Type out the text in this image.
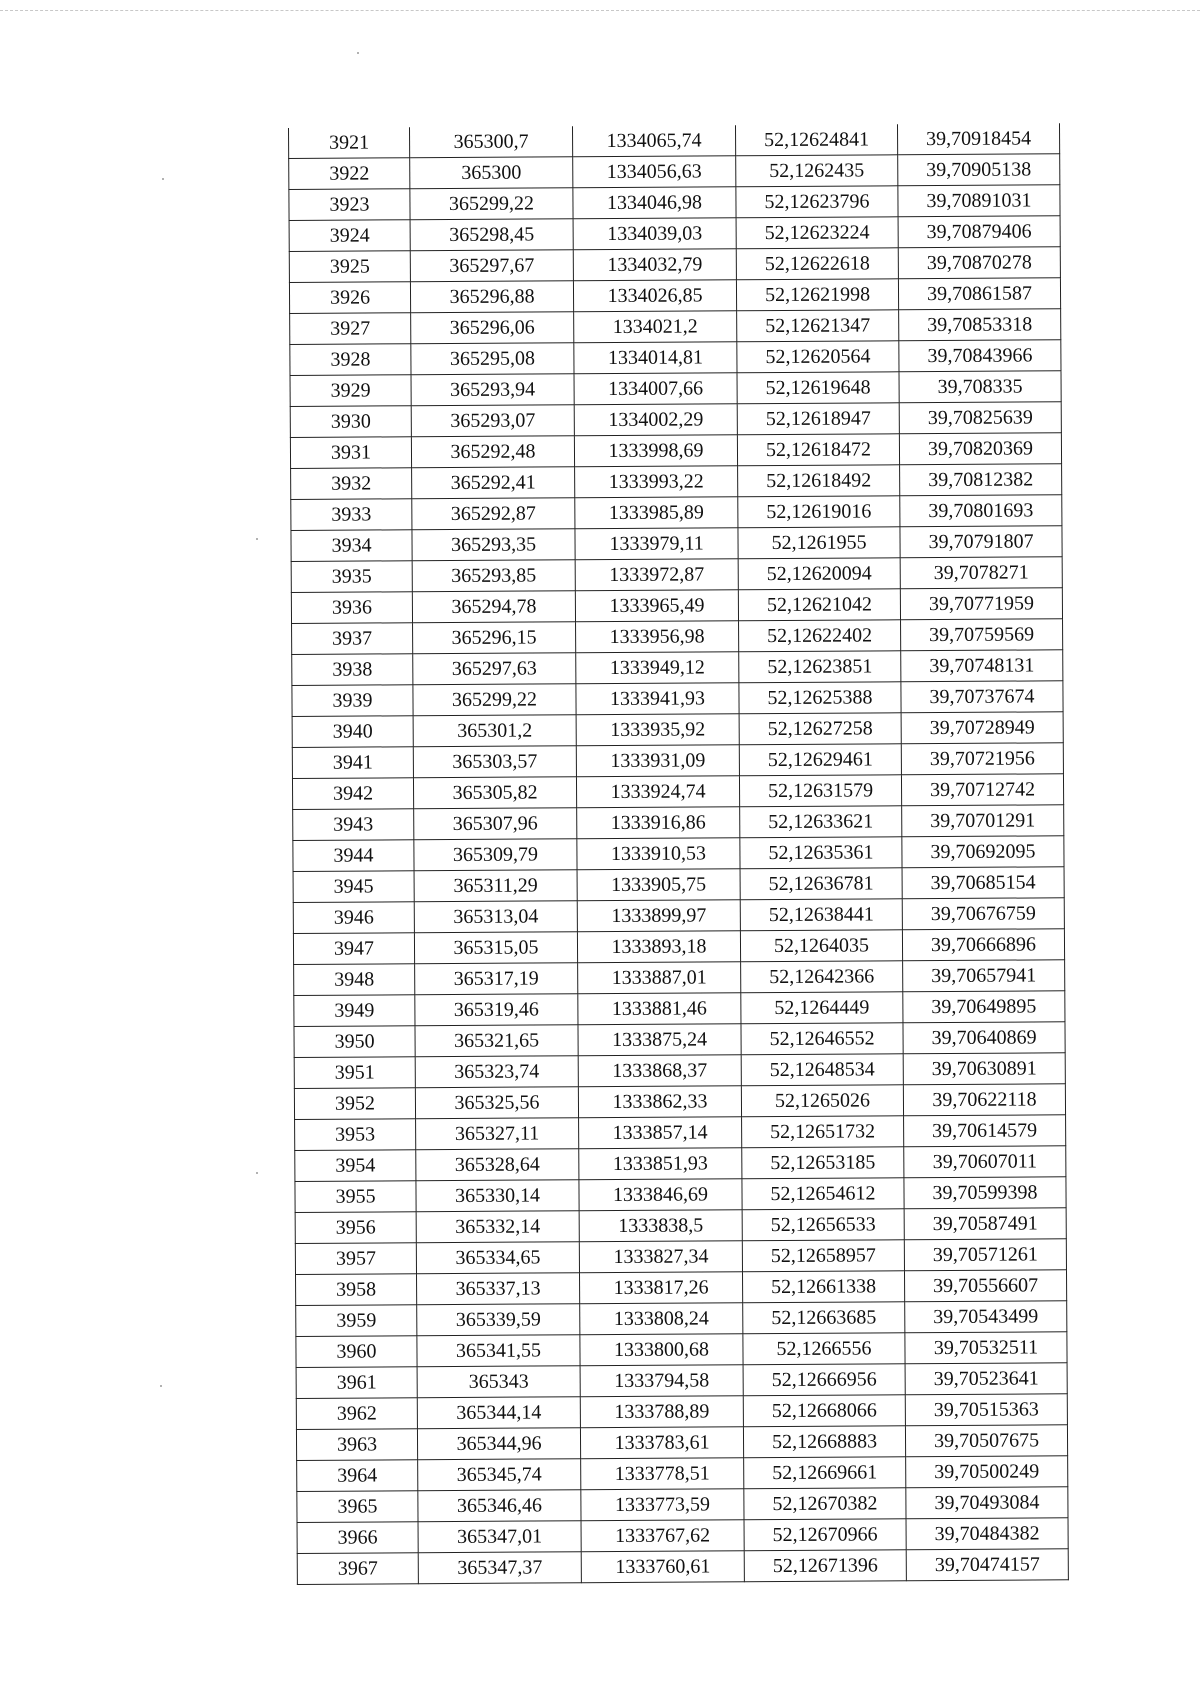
3921	365300,7	1334065,74	52,12624841	39,70918454
3922	365300	1334056,63	52,1262435	39,70905138
3923	365299,22	1334046,98	52,12623796	39,70891031
3924	365298,45	1334039,03	52,12623224	39,70879406
3925	365297,67	1334032,79	52,12622618	39,70870278
3926	365296,88	1334026,85	52,12621998	39,70861587
3927	365296,06	1334021,2	52,12621347	39,70853318
3928	365295,08	1334014,81	52,12620564	39,70843966
3929	365293,94	1334007,66	52,12619648	39,708335
3930	365293,07	1334002,29	52,12618947	39,70825639
3931	365292,48	1333998,69	52,12618472	39,70820369
3932	365292,41	1333993,22	52,12618492	39,70812382
3933	365292,87	1333985,89	52,12619016	39,70801693
3934	365293,35	1333979,11	52,1261955	39,70791807
3935	365293,85	1333972,87	52,12620094	39,7078271
3936	365294,78	1333965,49	52,12621042	39,70771959
3937	365296,15	1333956,98	52,12622402	39,70759569
3938	365297,63	1333949,12	52,12623851	39,70748131
3939	365299,22	1333941,93	52,12625388	39,70737674
3940	365301,2	1333935,92	52,12627258	39,70728949
3941	365303,57	1333931,09	52,12629461	39,70721956
3942	365305,82	1333924,74	52,12631579	39,70712742
3943	365307,96	1333916,86	52,12633621	39,70701291
3944	365309,79	1333910,53	52,12635361	39,70692095
3945	365311,29	1333905,75	52,12636781	39,70685154
3946	365313,04	1333899,97	52,12638441	39,70676759
3947	365315,05	1333893,18	52,1264035	39,70666896
3948	365317,19	1333887,01	52,12642366	39,70657941
3949	365319,46	1333881,46	52,1264449	39,70649895
3950	365321,65	1333875,24	52,12646552	39,70640869
3951	365323,74	1333868,37	52,12648534	39,70630891
3952	365325,56	1333862,33	52,1265026	39,70622118
3953	365327,11	1333857,14	52,12651732	39,70614579
3954	365328,64	1333851,93	52,12653185	39,70607011
3955	365330,14	1333846,69	52,12654612	39,70599398
3956	365332,14	1333838,5	52,12656533	39,70587491
3957	365334,65	1333827,34	52,12658957	39,70571261
3958	365337,13	1333817,26	52,12661338	39,70556607
3959	365339,59	1333808,24	52,12663685	39,70543499
3960	365341,55	1333800,68	52,1266556	39,70532511
3961	365343	1333794,58	52,12666956	39,70523641
3962	365344,14	1333788,89	52,12668066	39,70515363
3963	365344,96	1333783,61	52,12668883	39,70507675
3964	365345,74	1333778,51	52,12669661	39,70500249
3965	365346,46	1333773,59	52,12670382	39,70493084
3966	365347,01	1333767,62	52,12670966	39,70484382
3967	365347,37	1333760,61	52,12671396	39,70474157
